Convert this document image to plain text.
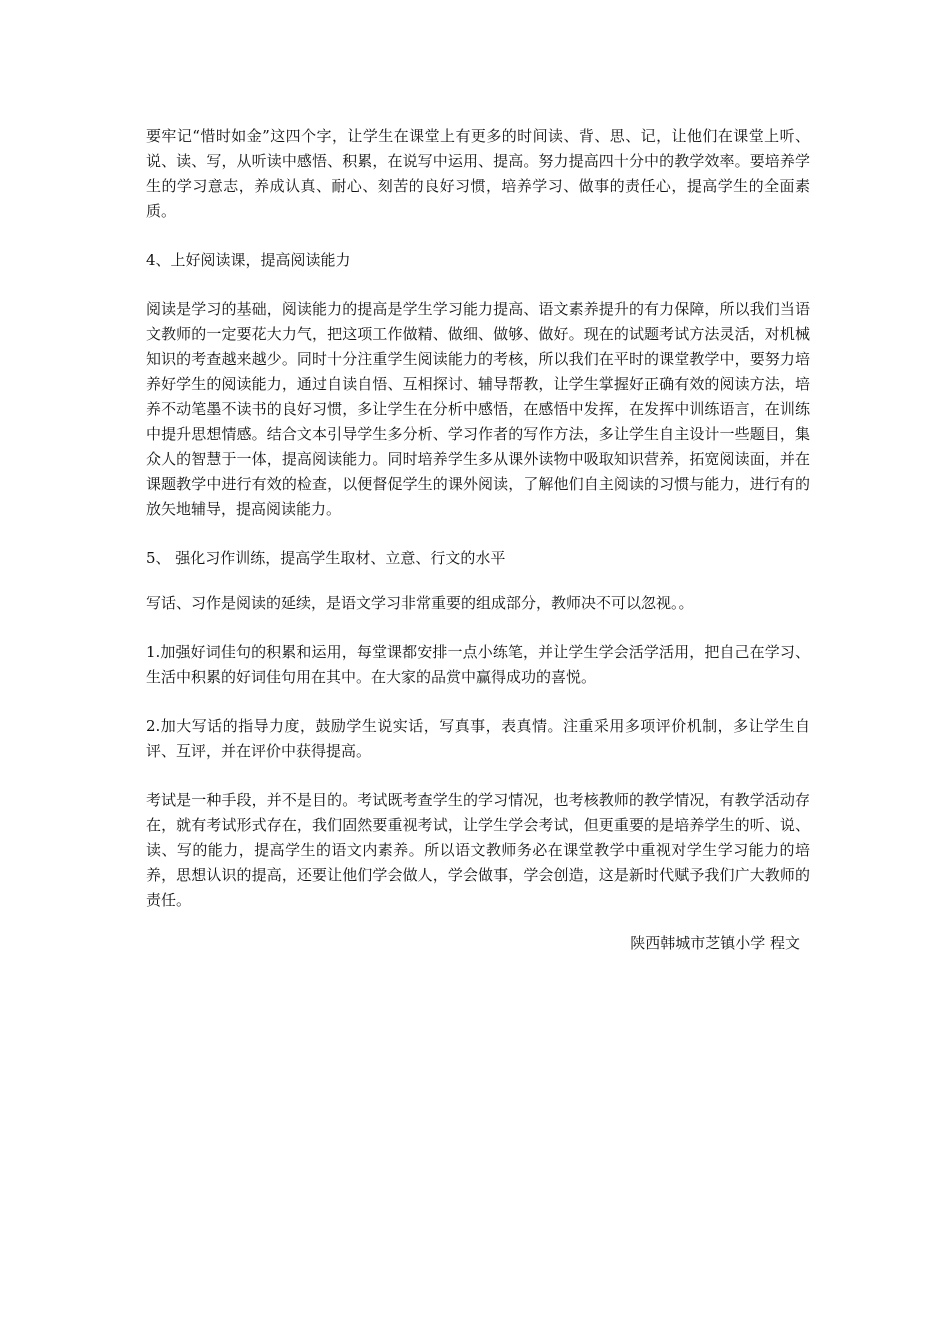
要牢记“惜时如金”这四个字，让学生在课堂上有更多的时间读、背、思、记，让他们在课堂上听、说、读、写，从听读中感悟、积累，在说写中运用、提高。努力提高四十分中的教学效率。要培养学生的学习意志，养成认真、耐心、刻苦的良好习惯，培养学习、做事的责任心，提高学生的全面素质。

4、上好阅读课，提高阅读能力

阅读是学习的基础，阅读能力的提高是学生学习能力提高、语文素养提升的有力保障，所以我们当语文教师的一定要花大力气，把这项工作做精、做细、做够、做好。现在的试题考试方法灵活，对机械知识的考查越来越少。同时十分注重学生阅读能力的考核，所以我们在平时的课堂教学中，要努力培养好学生的阅读能力，通过自读自悟、互相探讨、辅导帮教，让学生掌握好正确有效的阅读方法，培养不动笔墨不读书的良好习惯，多让学生在分析中感悟，在感悟中发挥，在发挥中训练语言，在训练中提升思想情感。结合文本引导学生多分析、学习作者的写作方法，多让学生自主设计一些题目，集众人的智慧于一体，提高阅读能力。同时培养学生多从课外读物中吸取知识营养，拓宽阅读面，并在课题教学中进行有效的检查，以便督促学生的课外阅读，了解他们自主阅读的习惯与能力，进行有的放矢地辅导，提高阅读能力。

5、 强化习作训练，提高学生取材、立意、行文的水平

写话、习作是阅读的延续，是语文学习非常重要的组成部分，教师决不可以忽视。。

1.加强好词佳句的积累和运用，每堂课都安排一点小练笔，并让学生学会活学活用，把自己在学习、生活中积累的好词佳句用在其中。在大家的品赏中赢得成功的喜悦。

2.加大写话的指导力度，鼓励学生说实话，写真事，表真情。注重采用多项评价机制，多让学生自评、互评，并在评价中获得提高。

考试是一种手段，并不是目的。考试既考查学生的学习情况，也考核教师的教学情况，有教学活动存在，就有考试形式存在，我们固然要重视考试，让学生学会考试，但更重要的是培养学生的听、说、读、写的能力，提高学生的语文内素养。所以语文教师务必在课堂教学中重视对学生学习能力的培养，思想认识的提高，还要让他们学会做人，学会做事，学会创造，这是新时代赋予我们广大教师的责任。

陕西韩城市芝镇小学 程文
